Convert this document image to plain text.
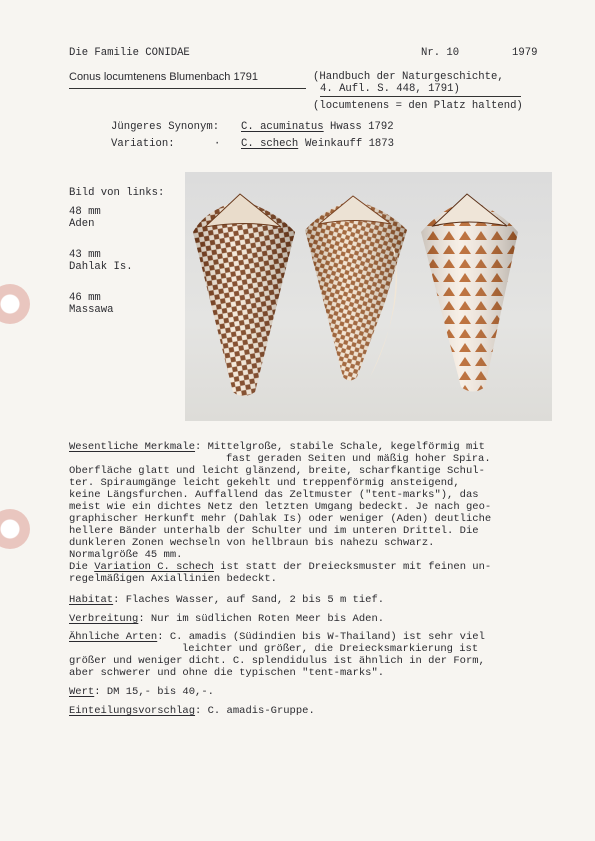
Die Familie CONIDAE	Nr. 10	1979
Conus locumtenens Blumenbach 1791	(Handbuch der Naturgeschichte,
4. Aufl. S. 448, 1791)
(locumtenens = den Platz haltend)
Jüngeres Synonym: C. acuminatus Hwass 1792
Variation:	· C. schech Weinkauff 1873
Bild von links:
48 mm
Aden
43 mm
Dahlak Is.
46 mm
Massawa
Wesentliche Merkmale: Mittelgroße, stabile Schale, kegelförmig mit
fast geraden Seiten und mäßig hoher Spira.
Oberfläche glatt und leicht glänzend, breite, scharfkantige Schul-
ter. Spiraumgänge leicht gekehlt und treppenförmig ansteigend,
keine Längsfurchen. Auffallend das Zeltmuster ("tent-marks"), das
meist wie ein dichtes Netz den letzten Umgang bedeckt. Je nach geo-
graphischer Herkunft mehr (Dahlak Is) oder weniger (Aden) deutliche
hellere Bänder unterhalb der Schulter und im unteren Drittel. Die
dunkleren Zonen wechseln von hellbraun bis nahezu schwarz.
Normalgröße 45 mm.
Die Variation C. schech ist statt der Dreiecksmuster mit feinen un-
regelmäßigen Axiallinien bedeckt.
Habitat: Flaches Wasser, auf Sand, 2 bis 5 m tief.
Verbreitung: Nur im südlichen Roten Meer bis Aden.
Ähnliche Arten: C. amadis (Südindien bis W-Thailand) ist sehr viel
leichter und größer, die Dreiecksmarkierung ist
größer und weniger dicht. C. splendidulus ist ähnlich in der Form,
aber schwerer und ohne die typischen "tent-marks".
Wert: DM 15,- bis 40,-.
Einteilungsvorschlag: C. amadis-Gruppe.
